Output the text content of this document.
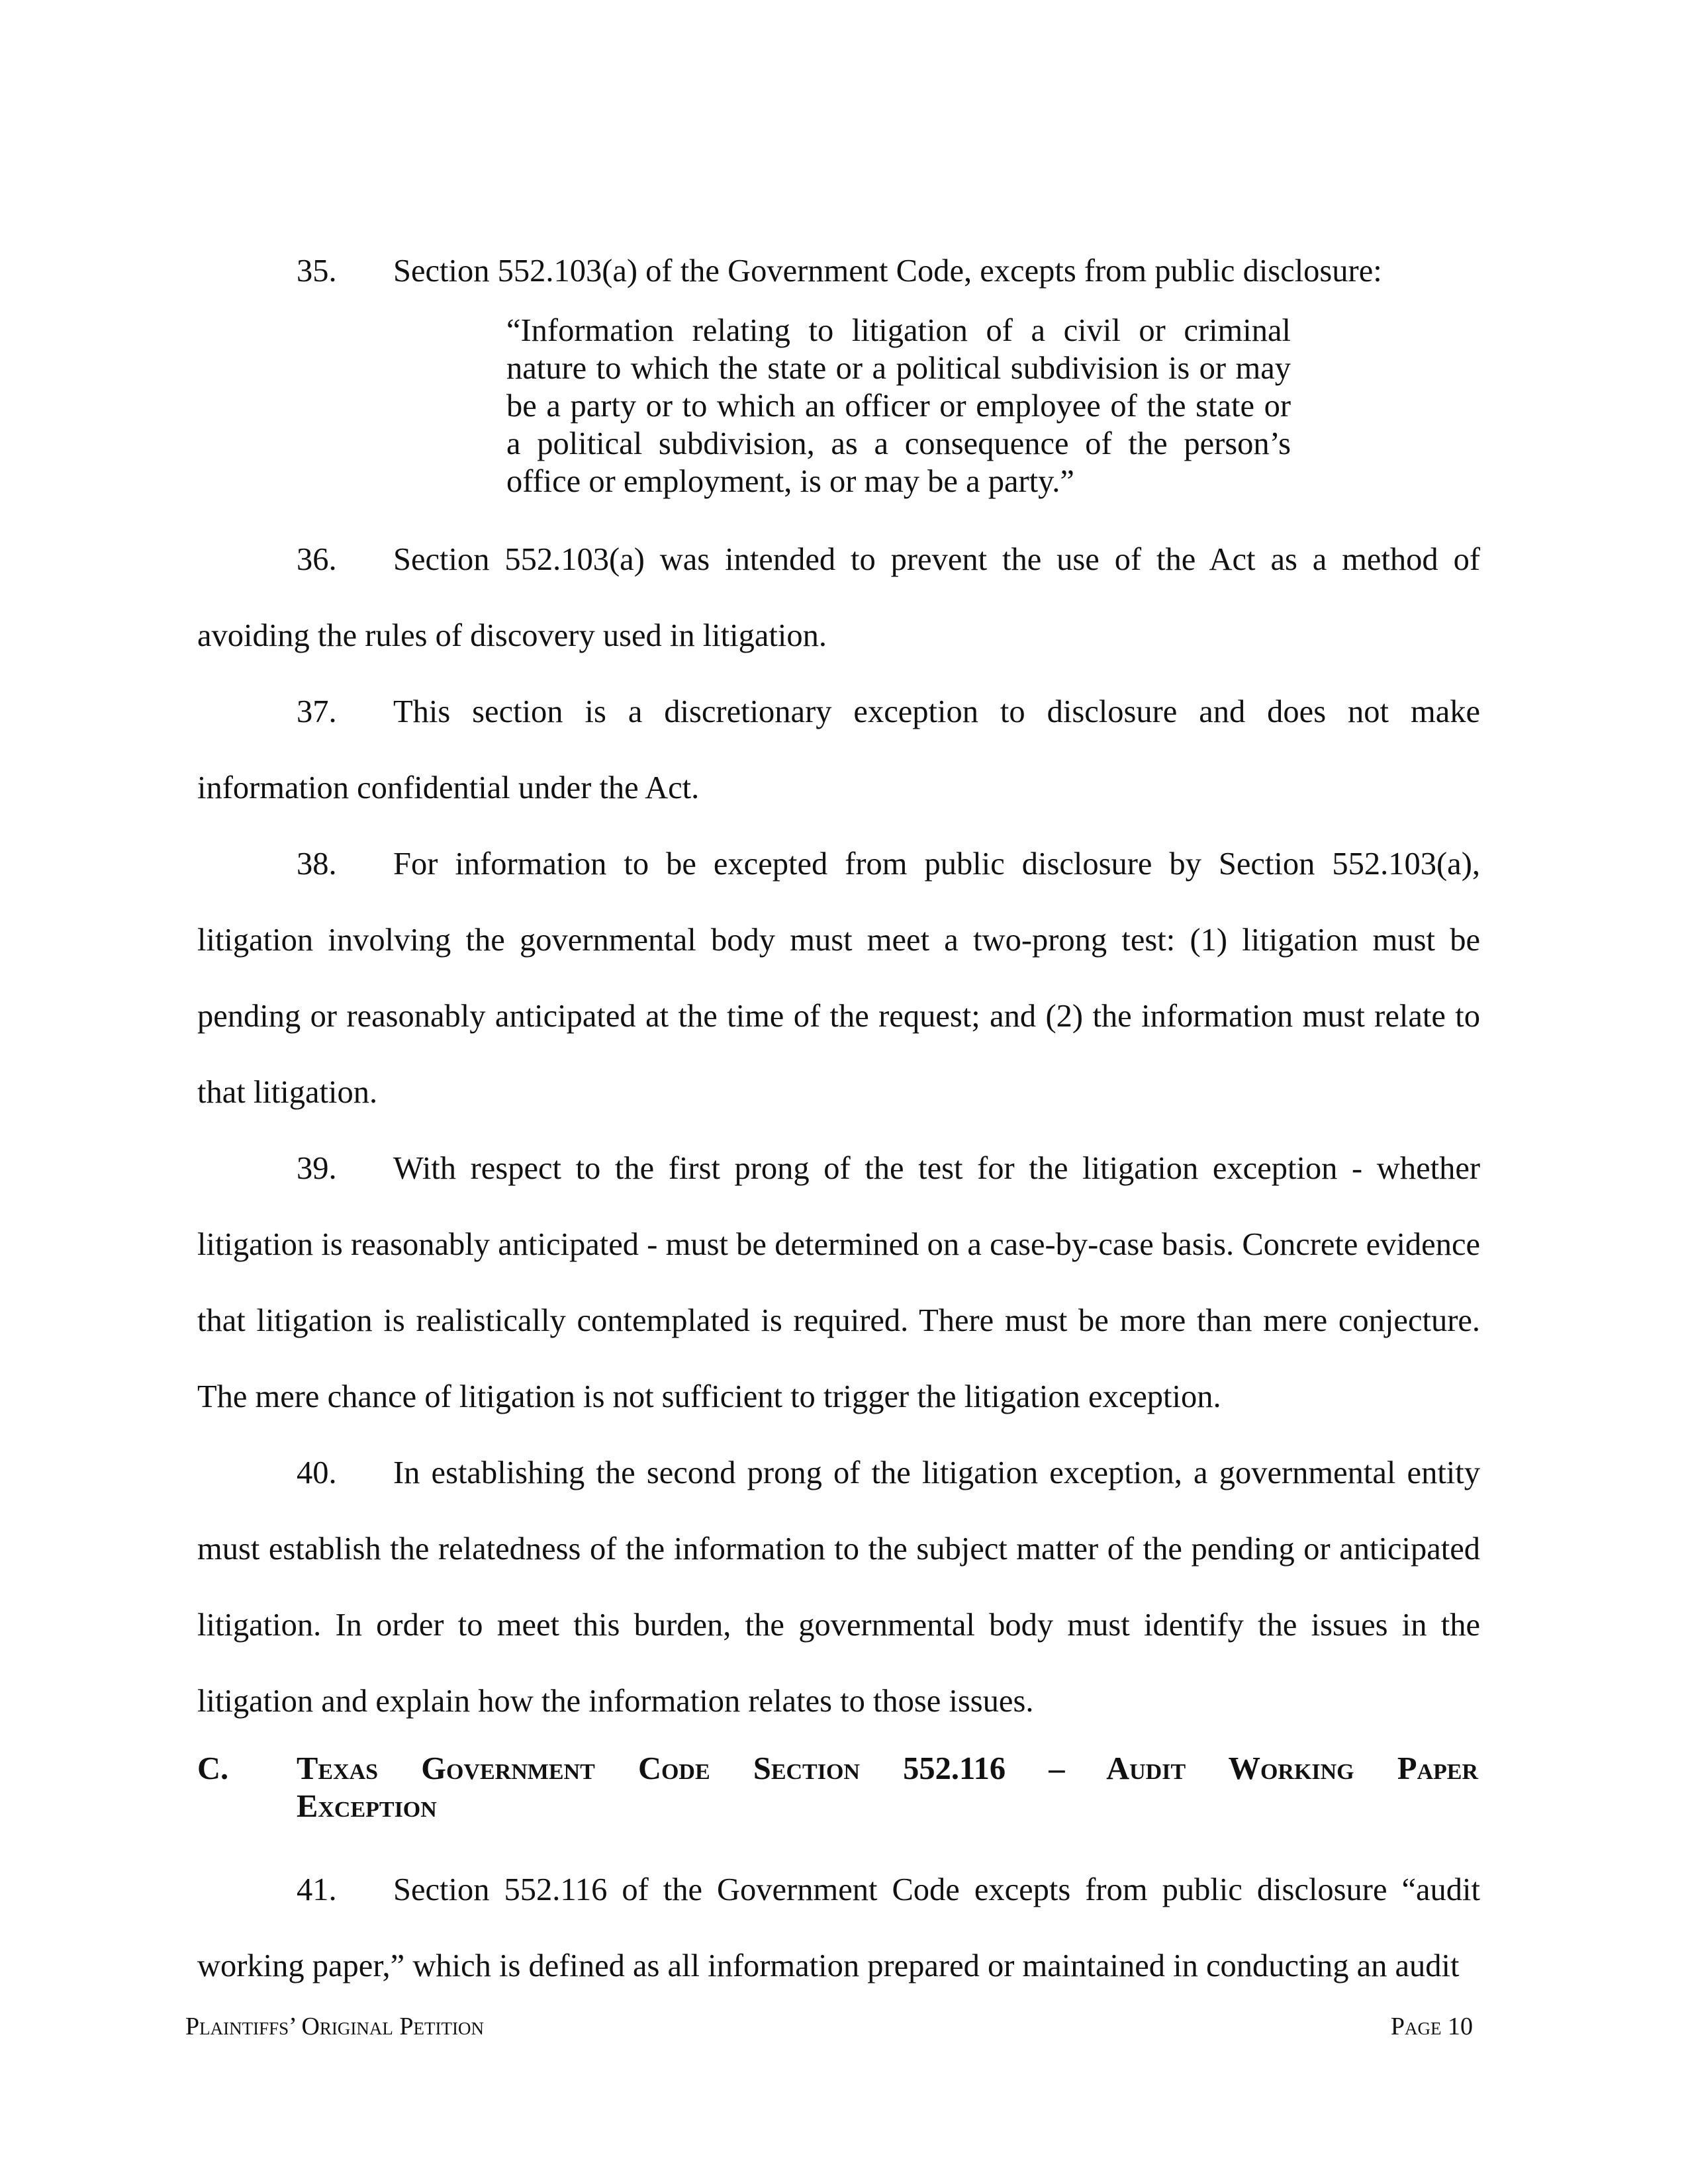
35. Section 552.103(a) of the Government Code, excepts from public disclosure:

“Information relating to litigation of a civil or criminal nature to which the state or a political subdivision is or may be a party or to which an officer or employee of the state or a political subdivision, as a consequence of the person’s office or employment, is or may be a party.”

36. Section 552.103(a) was intended to prevent the use of the Act as a method of avoiding the rules of discovery used in litigation.

37. This section is a discretionary exception to disclosure and does not make information confidential under the Act.

38. For information to be excepted from public disclosure by Section 552.103(a), litigation involving the governmental body must meet a two-prong test: (1) litigation must be pending or reasonably anticipated at the time of the request; and (2) the information must relate to that litigation.

39. With respect to the first prong of the test for the litigation exception - whether litigation is reasonably anticipated - must be determined on a case-by-case basis. Concrete evidence that litigation is realistically contemplated is required. There must be more than mere conjecture. The mere chance of litigation is not sufficient to trigger the litigation exception.

40. In establishing the second prong of the litigation exception, a governmental entity must establish the relatedness of the information to the subject matter of the pending or anticipated litigation. In order to meet this burden, the governmental body must identify the issues in the litigation and explain how the information relates to those issues.

C. Texas Government Code Section 552.116 – Audit Working Paper
Exception

41. Section 552.116 of the Government Code excepts from public disclosure “audit working paper,” which is defined as all information prepared or maintained in conducting an audit

Plaintiffs’ Original Petition	Page 10
